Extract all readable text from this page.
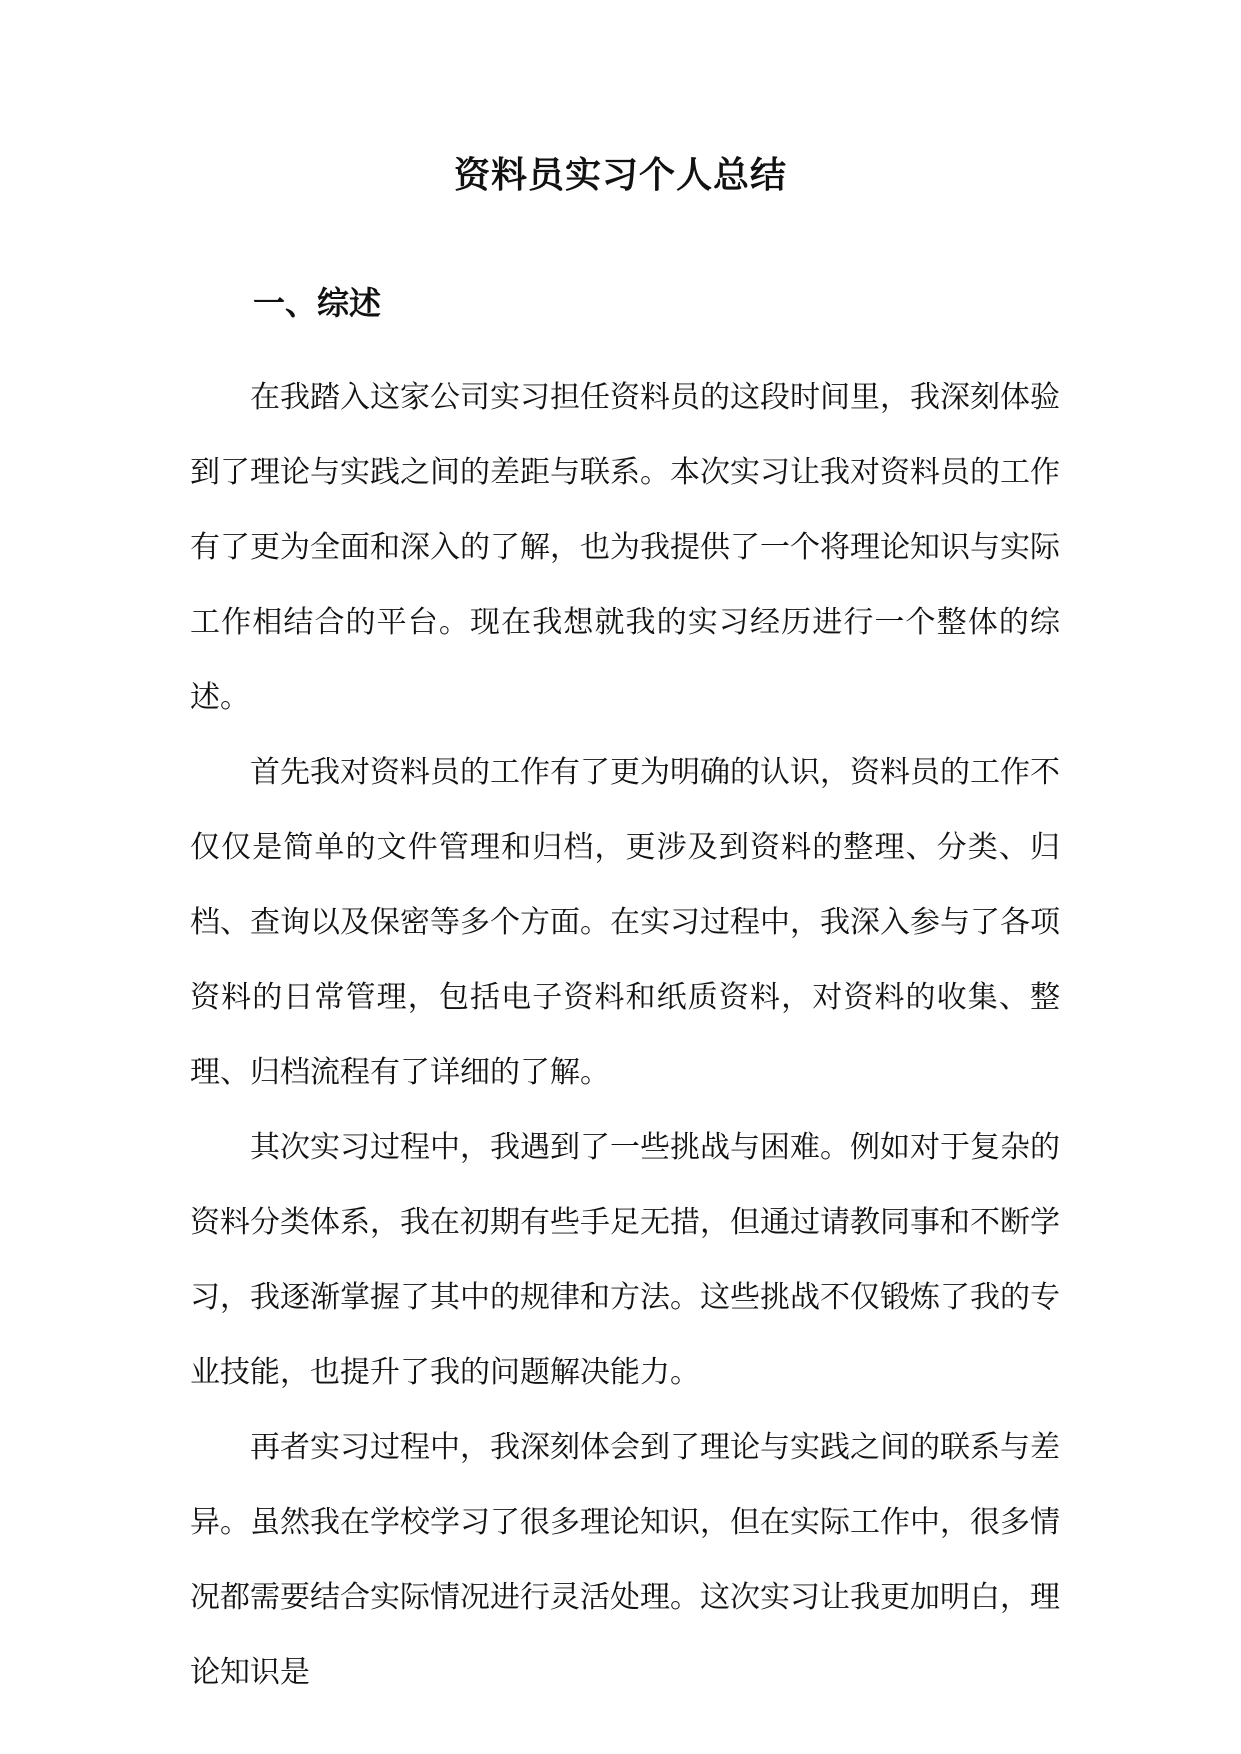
资料员实习个人总结
一、综述

在我踏入这家公司实习担任资料员的这段时间里，我深刻体验到了理论与实践之间的差距与联系。本次实习让我对资料员的工作有了更为全面和深入的了解，也为我提供了一个将理论知识与实际工作相结合的平台。现在我想就我的实习经历进行一个整体的综述。

首先我对资料员的工作有了更为明确的认识，资料员的工作不仅仅是简单的文件管理和归档，更涉及到资料的整理、分类、归档、查询以及保密等多个方面。在实习过程中，我深入参与了各项资料的日常管理，包括电子资料和纸质资料，对资料的收集、整理、归档流程有了详细的了解。

其次实习过程中，我遇到了一些挑战与困难。例如对于复杂的资料分类体系，我在初期有些手足无措，但通过请教同事和不断学习，我逐渐掌握了其中的规律和方法。这些挑战不仅锻炼了我的专业技能，也提升了我的问题解决能力。

再者实习过程中，我深刻体会到了理论与实践之间的联系与差异。虽然我在学校学习了很多理论知识，但在实际工作中，很多情况都需要结合实际情况进行灵活处理。这次实习让我更加明白，理论知识是
